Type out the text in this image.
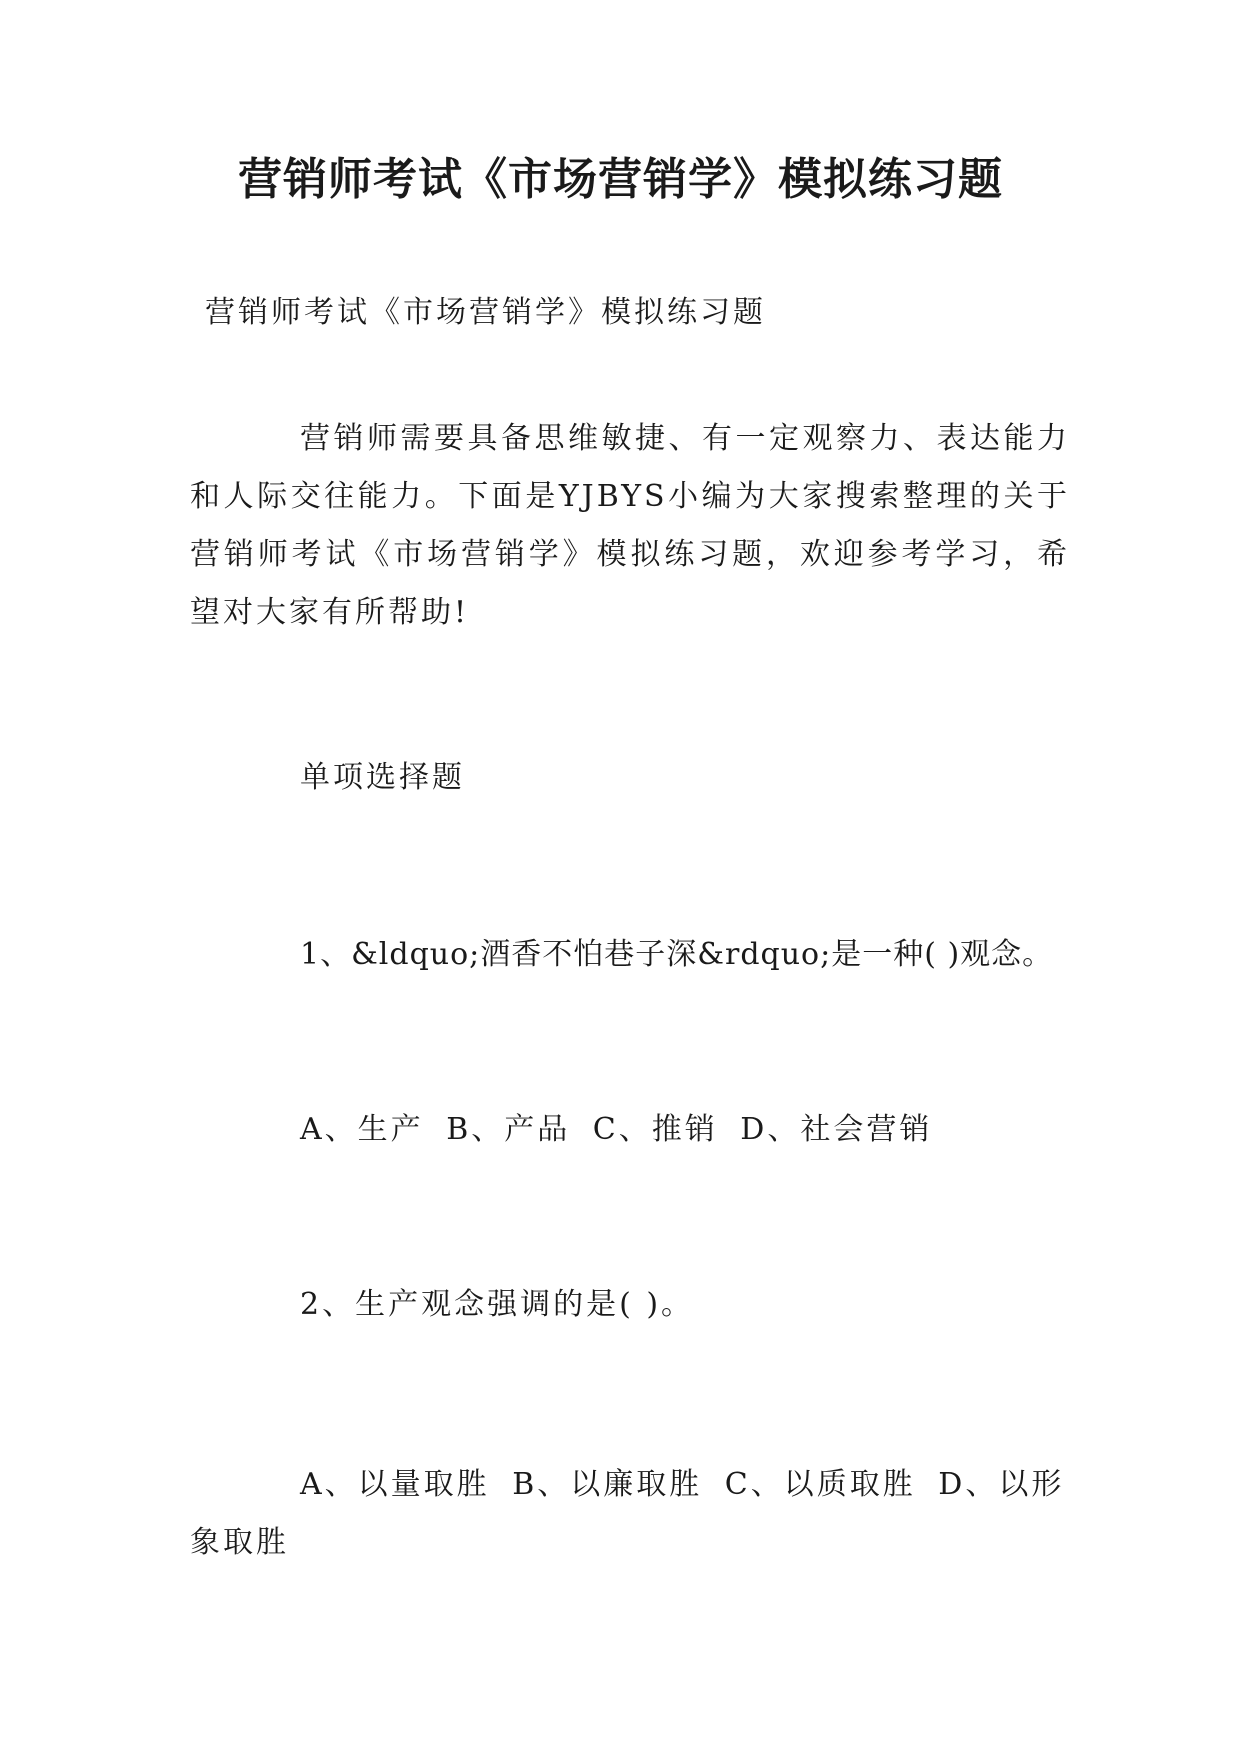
营销师考试《市场营销学》模拟练习题

营销师考试《市场营销学》模拟练习题

营销师需要具备思维敏捷、有一定观察力、表达能力和人际交往能力。下面是YJBYS小编为大家搜索整理的关于营销师考试《市场营销学》模拟练习题，欢迎参考学习，希望对大家有所帮助!

单项选择题

1、&ldquo;酒香不怕巷子深&rdquo;是一种( )观念。

A、生产 B、产品 C、推销 D、社会营销

2、生产观念强调的是( )。

A、以量取胜 B、以廉取胜 C、以质取胜 D、以形象取胜
